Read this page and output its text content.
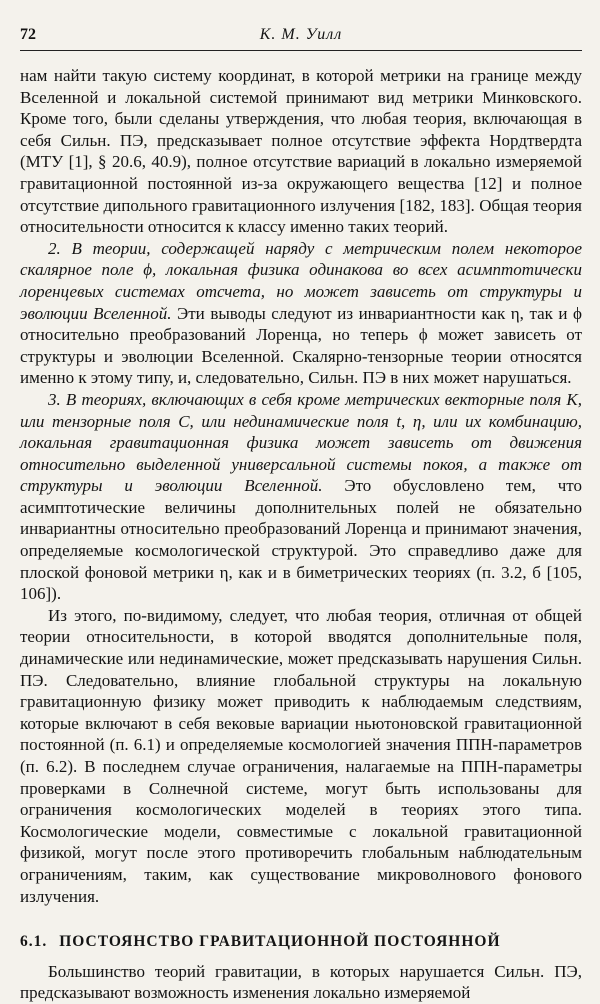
72	К. М. Уилл

нам найти такую систему координат, в которой метрики на границе между Вселенной и локальной системой принимают вид метрики Минковского. Кроме того, были сделаны утверждения, что любая теория, включающая в себя Сильн. ПЭ, предсказывает полное отсутствие эффекта Нордтвердта (МТУ [1], § 20.6, 40.9), полное отсутствие вариаций в локально измеряемой гравитационной постоянной из-за окружающего вещества [12] и полное отсутствие дипольного гравитационного излучения [182, 183]. Общая теория относительности относится к классу именно таких теорий.

2. В теории, содержащей наряду с метрическим полем некоторое скалярное поле ϕ, локальная физика одинакова во всех асимптотически лоренцевых системах отсчета, но может зависеть от структуры и эволюции Вселенной. Эти выводы следуют из инвариантности как η, так и ϕ относительно преобразований Лоренца, но теперь ϕ может зависеть от структуры и эволюции Вселенной. Скалярно-тензорные теории относятся именно к этому типу, и, следовательно, Сильн. ПЭ в них может нарушаться.

3. В теориях, включающих в себя кроме метрических векторные поля K, или тензорные поля C, или нединамические поля t, η, или их комбинацию, локальная гравитационная физика может зависеть от движения относительно выделенной универсальной системы покоя, а также от структуры и эволюции Вселенной. Это обусловлено тем, что асимптотические величины дополнительных полей не обязательно инвариантны относительно преобразований Лоренца и принимают значения, определяемые космологической структурой. Это справедливо даже для плоской фоновой метрики η, как и в биметрических теориях (п. 3.2, б [105, 106]).

Из этого, по-видимому, следует, что любая теория, отличная от общей теории относительности, в которой вводятся дополнительные поля, динамические или нединамические, может предсказывать нарушения Сильн. ПЭ. Следовательно, влияние глобальной структуры на локальную гравитационную физику может приводить к наблюдаемым следствиям, которые включают в себя вековые вариации ньютоновской гравитационной постоянной (п. 6.1) и определяемые космологией значения ППН-параметров (п. 6.2). В последнем случае ограничения, налагаемые на ППН-параметры проверками в Солнечной системе, могут быть использованы для ограничения космологических моделей в теориях этого типа. Космологические модели, совместимые с локальной гравитационной физикой, могут после этого противоречить глобальным наблюдательным ограничениям, таким, как существование микроволнового фонового излучения.

6.1. ПОСТОЯНСТВО ГРАВИТАЦИОННОЙ ПОСТОЯННОЙ

Большинство теорий гравитации, в которых нарушается Сильн. ПЭ, предсказывают возможность изменения локально измеряемой
